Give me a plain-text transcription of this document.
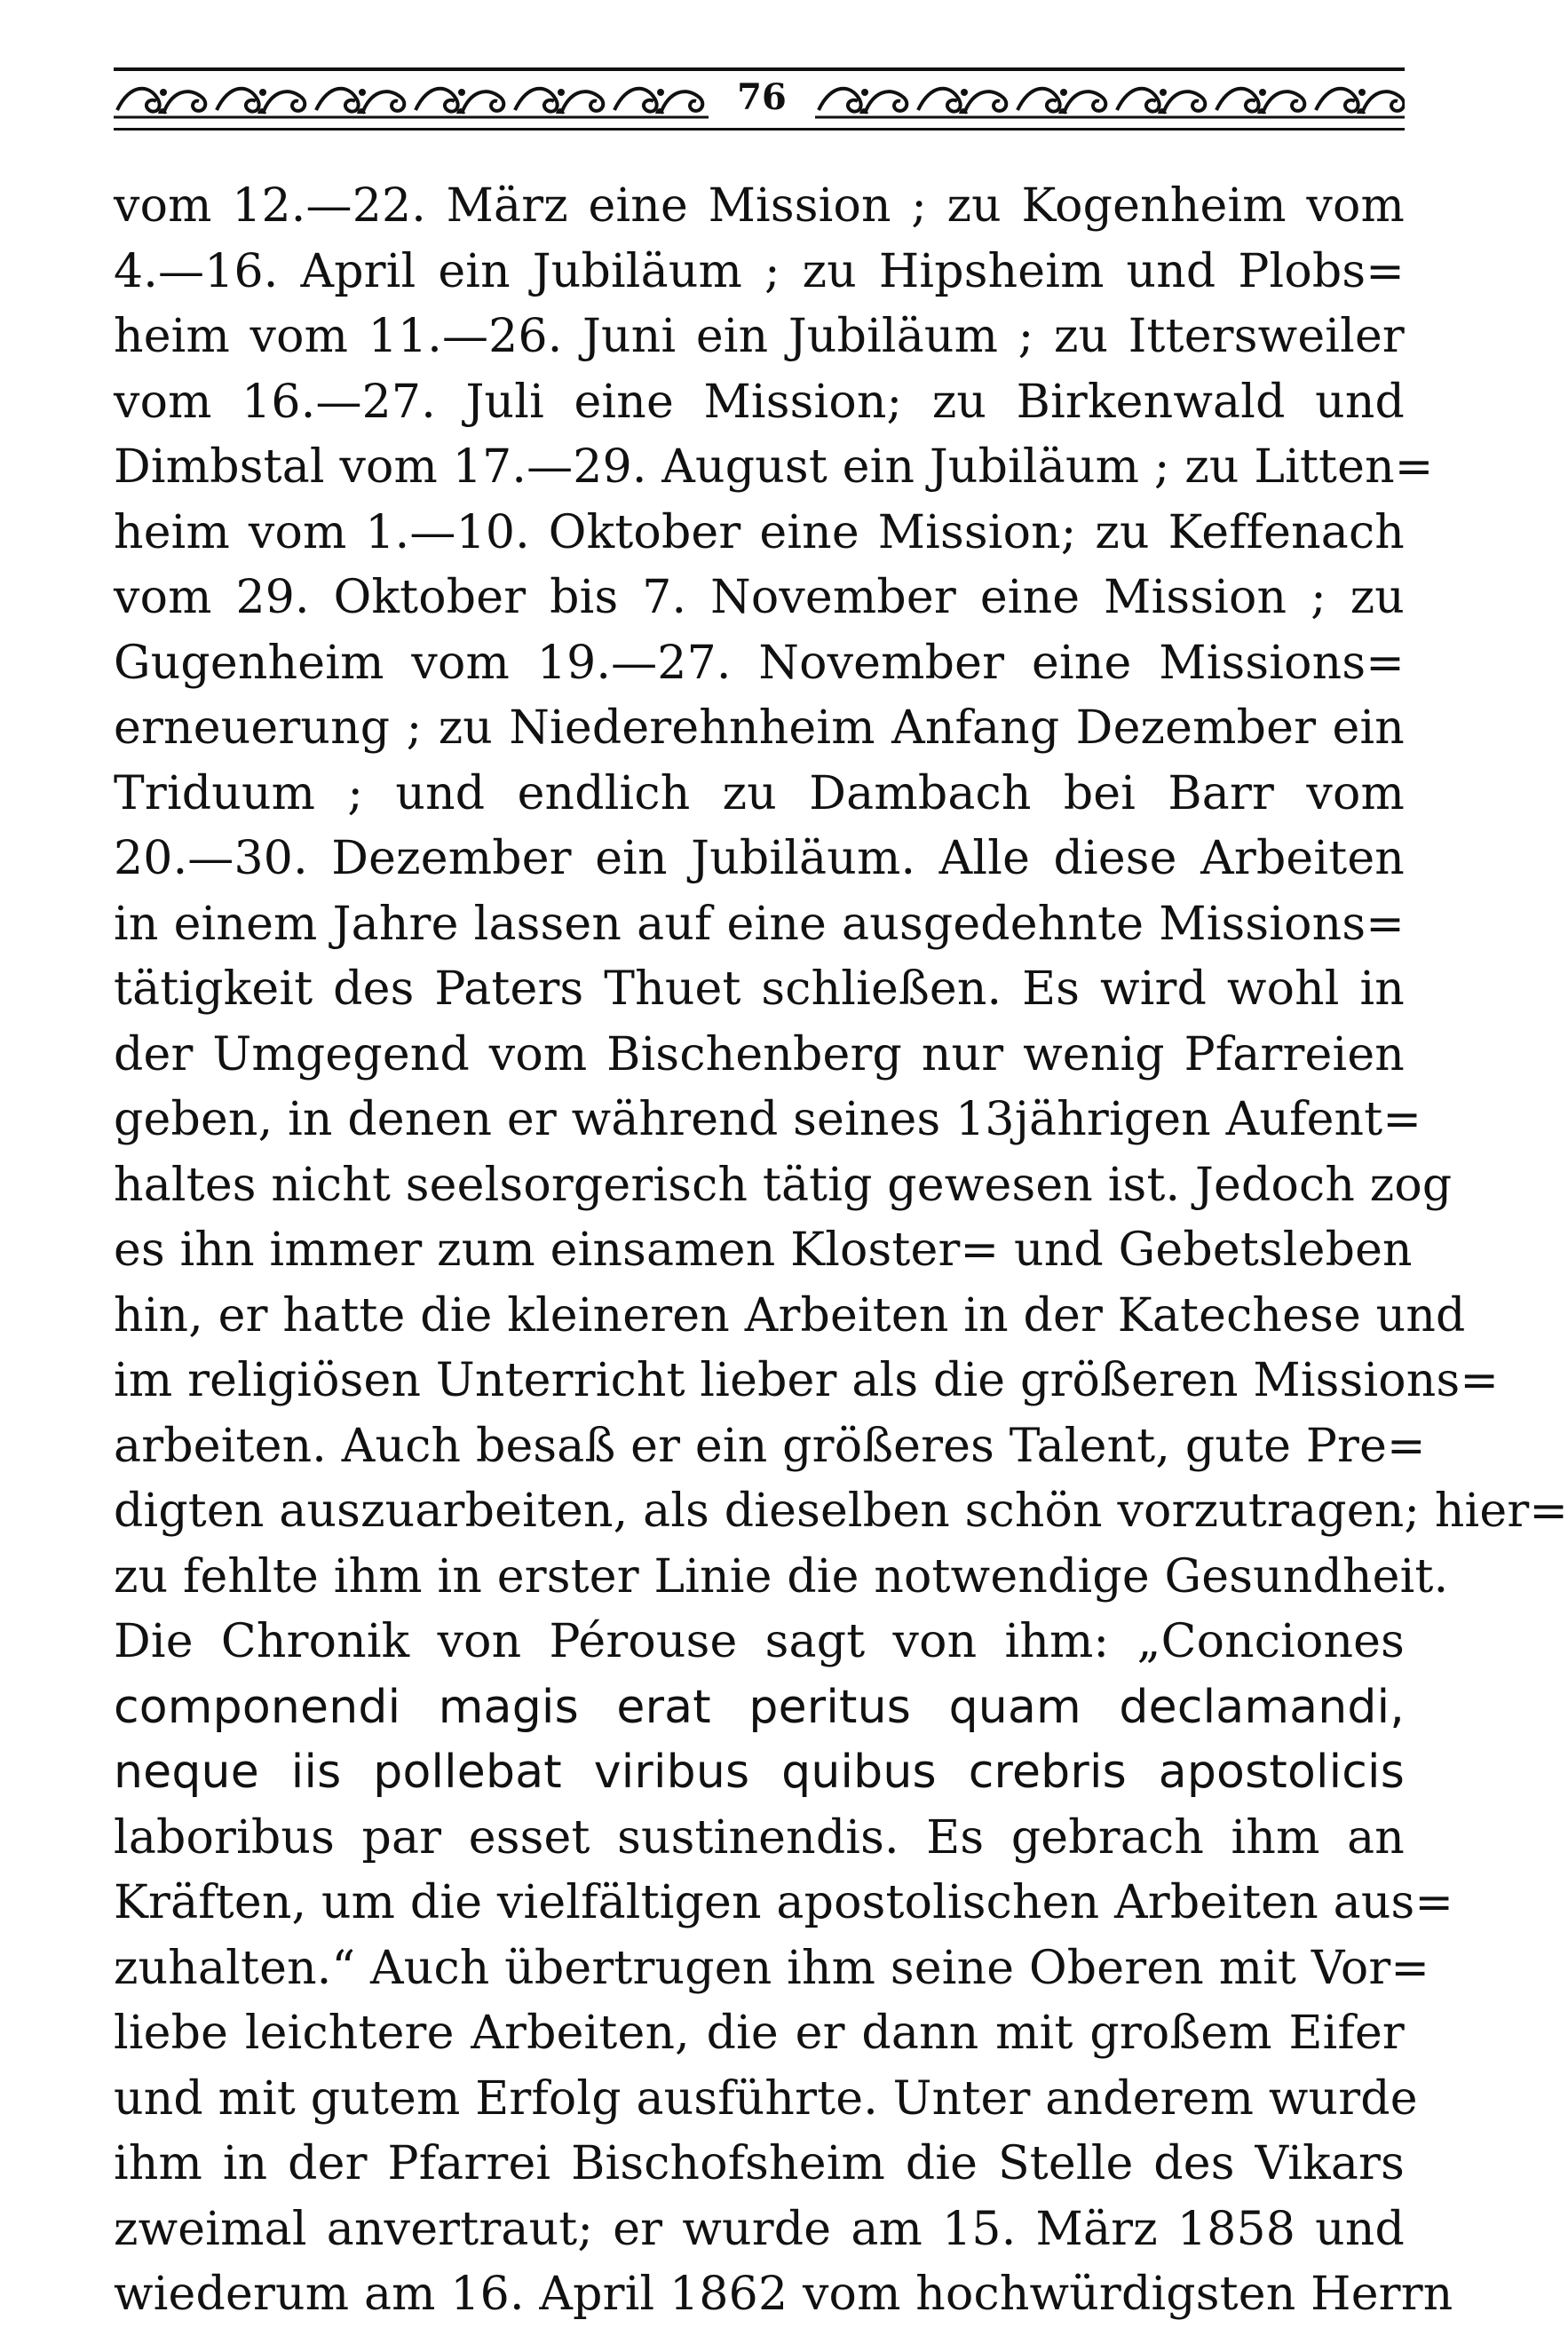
76
vom 12.—22. März eine Mission ; zu Kogenheim vom
4.—16. April ein Jubiläum ; zu Hipsheim und Plobs=
heim vom 11.—26. Juni ein Jubiläum ; zu Ittersweiler
vom 16.—27. Juli eine Mission; zu Birkenwald und
Dimbstal vom 17.—29. August ein Jubiläum ; zu Litten=
heim vom 1.—10. Oktober eine Mission; zu Keffenach
vom 29. Oktober bis 7. November eine Mission ; zu
Gugenheim vom 19.—27. November eine Missions=
erneuerung ; zu Niederehnheim Anfang Dezember ein
Triduum ; und endlich zu Dambach bei Barr vom
20.—30. Dezember ein Jubiläum. Alle diese Arbeiten
in einem Jahre lassen auf eine ausgedehnte Missions=
tätigkeit des Paters Thuet schließen. Es wird wohl in
der Umgegend vom Bischenberg nur wenig Pfarreien
geben, in denen er während seines 13jährigen Aufent=
haltes nicht seelsorgerisch tätig gewesen ist. Jedoch zog
es ihn immer zum einsamen Kloster= und Gebetsleben
hin, er hatte die kleineren Arbeiten in der Katechese und
im religiösen Unterricht lieber als die größeren Missions=
arbeiten. Auch besaß er ein größeres Talent, gute Pre=
digten auszuarbeiten, als dieselben schön vorzutragen; hier=
zu fehlte ihm in erster Linie die notwendige Gesundheit.
Die Chronik von Pérouse sagt von ihm: „Conciones
componendi magis erat peritus quam declamandi,
neque iis pollebat viribus quibus crebris apostolicis
laboribus par esset sustinendis. Es gebrach ihm an
Kräften, um die vielfältigen apostolischen Arbeiten aus=
zuhalten.“ Auch übertrugen ihm seine Oberen mit Vor=
liebe leichtere Arbeiten, die er dann mit großem Eifer
und mit gutem Erfolg ausführte. Unter anderem wurde
ihm in der Pfarrei Bischofsheim die Stelle des Vikars
zweimal anvertraut; er wurde am 15. März 1858 und
wiederum am 16. April 1862 vom hochwürdigsten Herrn
